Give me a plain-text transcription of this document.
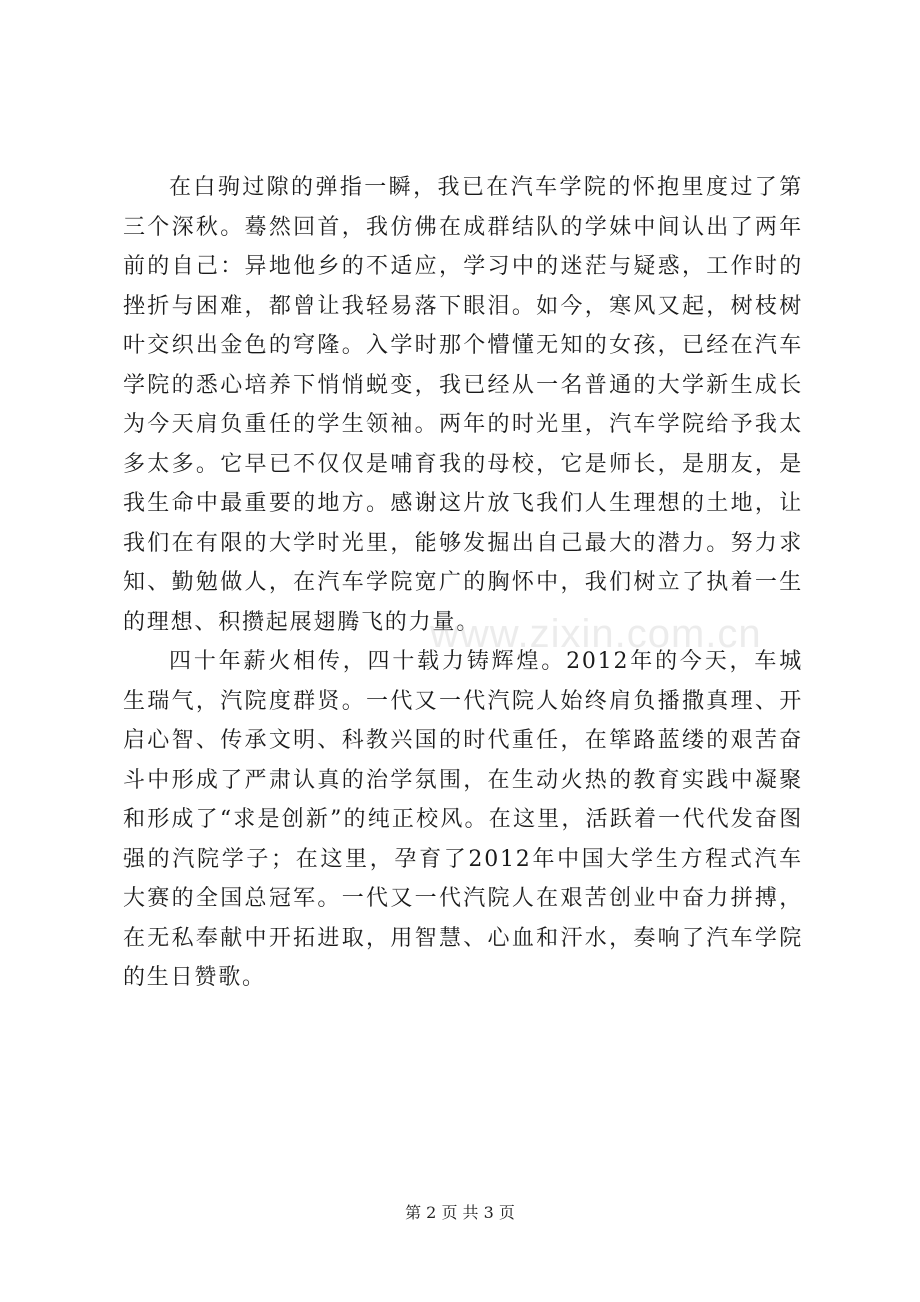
在白驹过隙的弹指一瞬，我已在汽车学院的怀抱里度过了第三个深秋。蓦然回首，我仿佛在成群结队的学妹中间认出了两年前的自己：异地他乡的不适应，学习中的迷茫与疑惑，工作时的挫折与困难，都曾让我轻易落下眼泪。如今，寒风又起，树枝树叶交织出金色的穹隆。入学时那个懵懂无知的女孩，已经在汽车学院的悉心培养下悄悄蜕变，我已经从一名普通的大学新生成长为今天肩负重任的学生领袖。两年的时光里，汽车学院给予我太多太多。它早已不仅仅是哺育我的母校，它是师长，是朋友，是我生命中最重要的地方。感谢这片放飞我们人生理想的土地，让我们在有限的大学时光里，能够发掘出自己最大的潜力。努力求知、勤勉做人，在汽车学院宽广的胸怀中，我们树立了执着一生的理想、积攒起展翅腾飞的力量。

四十年薪火相传，四十载力铸辉煌。2012年的今天，车城生瑞气，汽院度群贤。一代又一代汽院人始终肩负播撒真理、开启心智、传承文明、科教兴国的时代重任，在筚路蓝缕的艰苦奋斗中形成了严肃认真的治学氛围，在生动火热的教育实践中凝聚和形成了“求是创新”的纯正校风。在这里，活跃着一代代发奋图强的汽院学子；在这里，孕育了2012年中国大学生方程式汽车大赛的全国总冠军。一代又一代汽院人在艰苦创业中奋力拼搏，在无私奉献中开拓进取，用智慧、心血和汗水，奏响了汽车学院的生日赞歌。

www.zixin.com.cn
第 2 页 共 3 页
